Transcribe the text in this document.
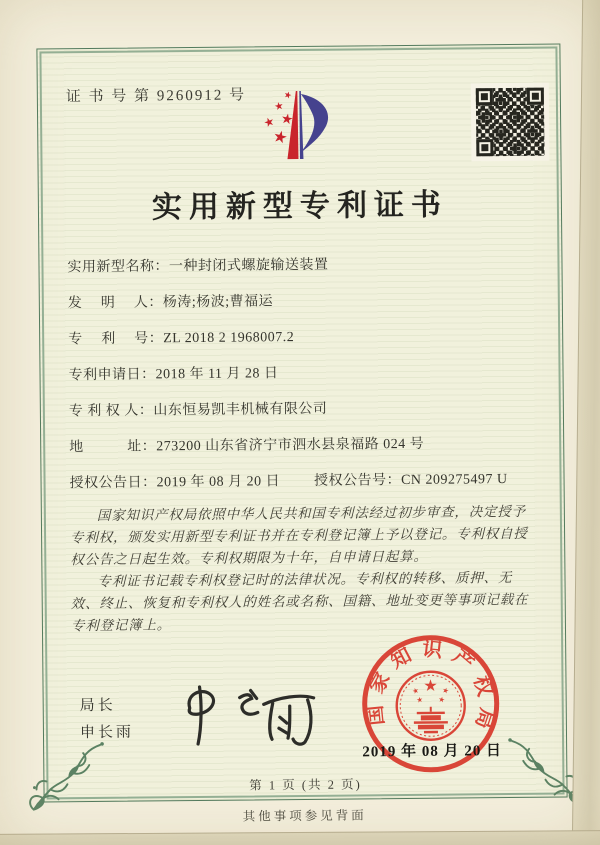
证 书 号 第 9260912 号
实用新型专利证书
实用新型名称：一种封闭式螺旋输送装置
发　 明　 人：杨涛;杨波;曹福运
专　 利　 号：ZL 2018 2 1968007.2
专利申请日：2018 年 11 月 28 日
专 利 权 人：山东恒易凯丰机械有限公司
地　　　址：273200 山东省济宁市泗水县泉福路 024 号
授权公告日：2019 年 08 月 20 日 授权公告号：CN 209275497 U

国家知识产权局依照中华人民共和国专利法经过初步审查，决定授予专利权，颁发实用新型专利证书并在专利登记簿上予以登记。专利权自授权公告之日起生效。专利权期限为十年，自申请日起算。

专利证书记载专利权登记时的法律状况。专利权的转移、质押、无效、终止、恢复和专利权人的姓名或名称、国籍、地址变更等事项记载在专利登记簿上。

局长
申长雨
国家知识产权局
2019 年 08 月 20 日
第 1 页 (共 2 页)
其他事项参见背面
